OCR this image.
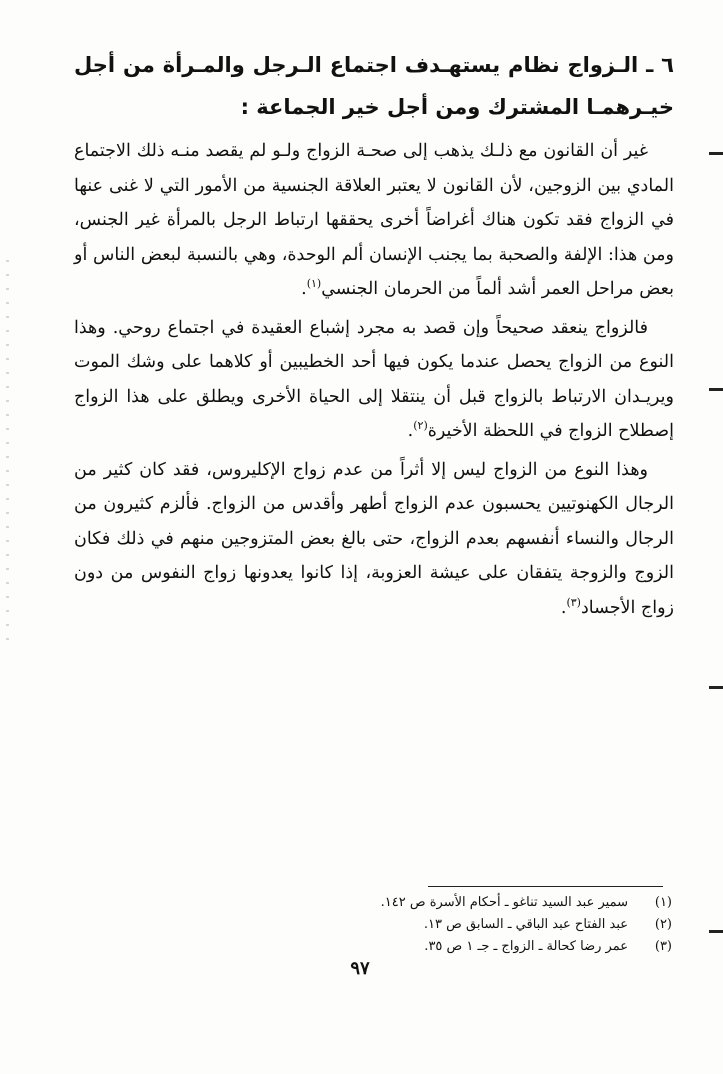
٦ ـ الـزواج نظام يستهـدف اجتماع الـرجل والمـرأة من أجل خيـرهمـا المشترك ومن أجل خير الجماعة :

غير أن القانون مع ذلـك يذهب إلى صحـة الزواج ولـو لم يقصد منـه ذلك الاجتماع المادي بين الزوجين، لأن القانون لا يعتبر العلاقة الجنسية من الأمور التي لا غنى عنها في الزواج فقد تكون هناك أغراضاً أخرى يحققها ارتباط الرجل بالمرأة غير الجنس، ومن هذا: الإلفة والصحبة بما يجنب الإنسان ألم الوحدة، وهي بالنسبة لبعض الناس أو بعض مراحل العمر أشد ألماً من الحرمان الجنسي$^{(١)}$.

فالزواج ينعقد صحيحاً وإن قصد به مجرد إشباع العقيدة في اجتماع روحي. وهذا النوع من الزواج يحصل عندما يكون فيها أحد الخطيبين أو كلاهما على وشك الموت ويريـدان الارتباط بالزواج قبل أن ينتقلا إلى الحياة الأخرى ويطلق على هذا الزواج إصطلاح الزواج في اللحظة الأخيرة$^{(٢)}$.

وهذا النوع من الزواج ليس إلا أثراً من عدم زواج الإكليروس، فقد كان كثير من الرجال الكهنوتيين يحسبون عدم الزواج أطهر وأقدس من الزواج. فألزم كثيرون من الرجال والنساء أنفسهم بعدم الزواج، حتى بالغ بعض المتزوجين منهم في ذلك فكان الزوج والزوجة يتفقان على عيشة العزوبة، إذا كانوا يعدونها زواج النفوس من دون زواج الأجساد$^{(٣)}$.

(١)سمير عبد السيد تناغو ـ أحكام الأسرة ص ١٤٢.
(٢)عبد الفتاح عبد الباقي ـ السابق ص ١٣.
(٣)عمر رضا كحالة ـ الزواج ـ جـ ١ ص ٣٥.
٩٧
